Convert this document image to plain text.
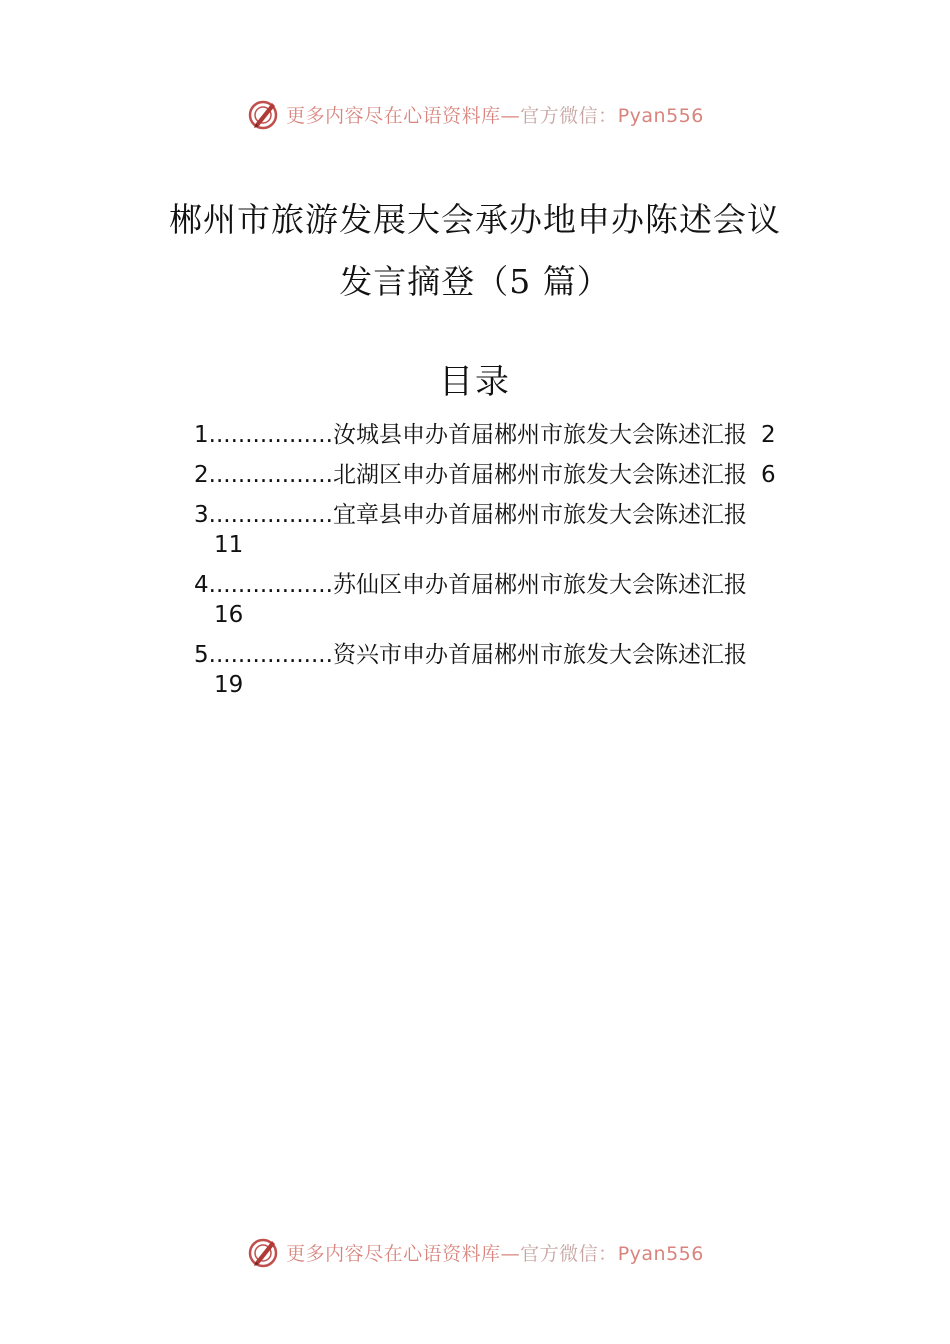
更多内容尽在心语资料库—官方微信：Pyan556
郴州市旅游发展大会承办地申办陈述会议
发言摘登（5 篇）
目录
1 ................. 汝城县申办首届郴州市旅发大会陈述汇报 2
2 ................. 北湖区申办首届郴州市旅发大会陈述汇报 6
3 ................. 宜章县申办首届郴州市旅发大会陈述汇报
11
4 ................. 苏仙区申办首届郴州市旅发大会陈述汇报
16
5 ................. 资兴市申办首届郴州市旅发大会陈述汇报
19
更多内容尽在心语资料库—官方微信：Pyan556
